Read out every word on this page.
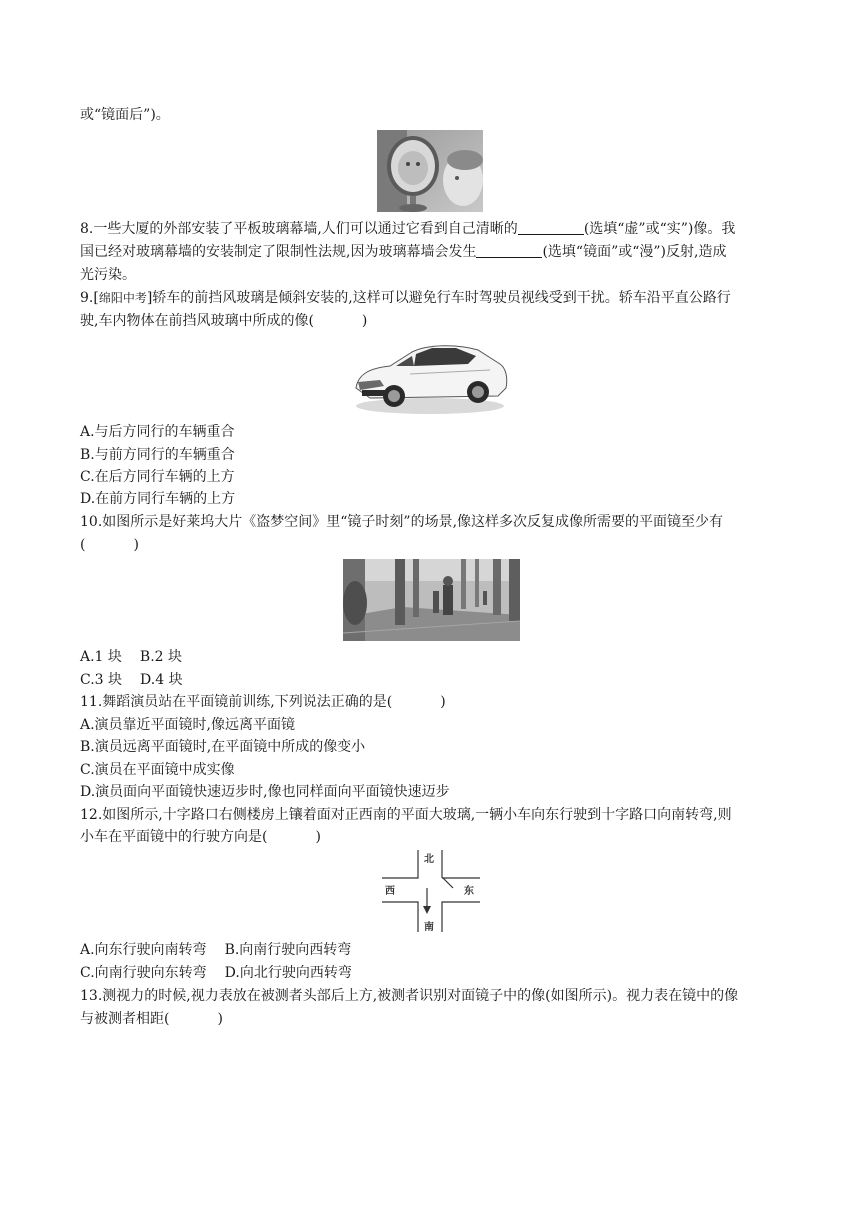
或“镜面后”)。
8.一些大厦的外部安装了平板玻璃幕墙,人们可以通过它看到自己清晰的	(选填“虚”或“实”)像。我
国已经对玻璃幕墙的安装制定了限制性法规,因为玻璃幕墙会发生	(选填“镜面”或“漫”)反射,造成
光污染。
9.[绵阳中考]轿车的前挡风玻璃是倾斜安装的,这样可以避免行车时驾驶员视线受到干扰。轿车沿平直公路行
驶,车内物体在前挡风玻璃中所成的像(	)
A.与后方同行的车辆重合
B.与前方同行的车辆重合
C.在后方同行车辆的上方
D.在前方同行车辆的上方
10.如图所示是好莱坞大片《盗梦空间》里“镜子时刻”的场景,像这样多次反复成像所需要的平面镜至少有
(	)
A.1 块 B.2 块
C.3 块 D.4 块
11.舞蹈演员站在平面镜前训练,下列说法正确的是(	)
A.演员靠近平面镜时,像远离平面镜
B.演员远离平面镜时,在平面镜中所成的像变小
C.演员在平面镜中成实像
D.演员面向平面镜快速迈步时,像也同样面向平面镜快速迈步
12.如图所示,十字路口右侧楼房上镶着面对正西南的平面大玻璃,一辆小车向东行驶到十字路口向南转弯,则
小车在平面镜中的行驶方向是(	)
北
西	东
南
A.向东行驶向南转弯 B.向南行驶向西转弯
C.向南行驶向东转弯 D.向北行驶向西转弯
13.测视力的时候,视力表放在被测者头部后上方,被测者识别对面镜子中的像(如图所示)。视力表在镜中的像
与被测者相距(	)
